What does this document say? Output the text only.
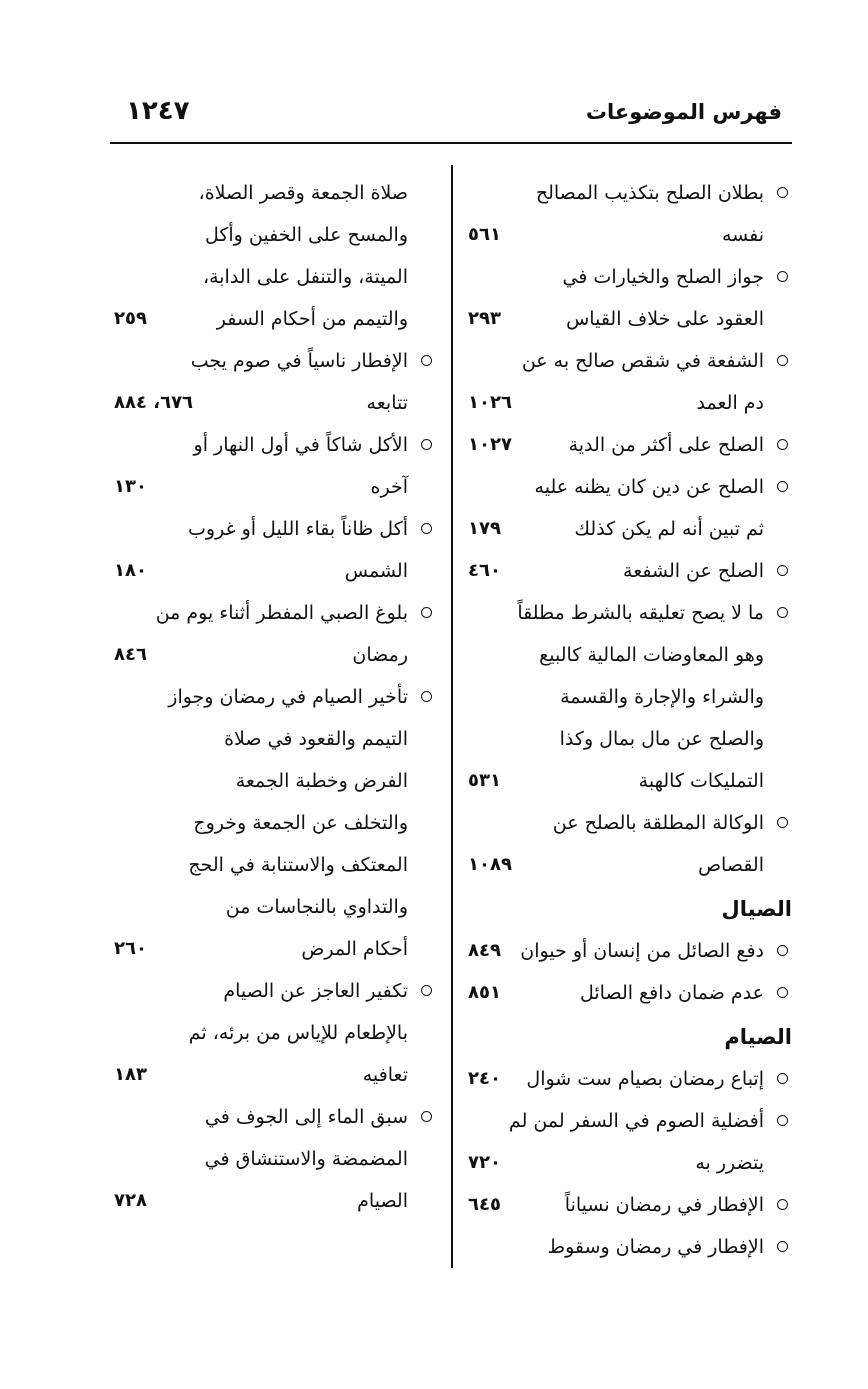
فهرس الموضوعات
١٢٤٧
بطلان الصلح بتكذيب المصالح
نفسه
٥٦١
جواز الصلح والخيارات في
العقود على خلاف القياس
٢٩٣
الشفعة في شقص صالح به عن
دم العمد
١٠٢٦
الصلح على أكثر من الدية
١٠٢٧
الصلح عن دين كان يظنه عليه
ثم تبين أنه لم يكن كذلك
١٧٩
الصلح عن الشفعة
٤٦٠
ما لا يصح تعليقه بالشرط مطلقاً
وهو المعاوضات المالية كالبيع
والشراء والإجارة والقسمة
والصلح عن مال بمال وكذا
التمليكات كالهبة
٥٣١
الوكالة المطلقة بالصلح عن
القصاص
١٠٨٩
الصيال
دفع الصائل من إنسان أو حيوان
٨٤٩
عدم ضمان دافع الصائل
٨٥١
الصيام
إتباع رمضان بصيام ست شوال
٢٤٠
أفضلية الصوم في السفر لمن لم
يتضرر به
٧٢٠
الإفطار في رمضان نسياناً
٦٤٥
الإفطار في رمضان وسقوط
صلاة الجمعة وقصر الصلاة،
والمسح على الخفين وأكل
الميتة، والتنفل على الدابة،
والتيمم من أحكام السفر
٢٥٩
الإفطار ناسياً في صوم يجب
تتابعه
٦٧٦، ٨٨٤
الأكل شاكاً في أول النهار أو
آخره
١٣٠
أكل ظاناً بقاء الليل أو غروب
الشمس
١٨٠
بلوغ الصبي المفطر أثناء يوم من
رمضان
٨٤٦
تأخير الصيام في رمضان وجواز
التيمم والقعود في صلاة
الفرض وخطبة الجمعة
والتخلف عن الجمعة وخروج
المعتكف والاستنابة في الحج
والتداوي بالنجاسات من
أحكام المرض
٢٦٠
تكفير العاجز عن الصيام
بالإطعام للإياس من برئه، ثم
تعافيه
١٨٣
سبق الماء إلى الجوف في
المضمضة والاستنشاق في
الصيام
٧٢٨
